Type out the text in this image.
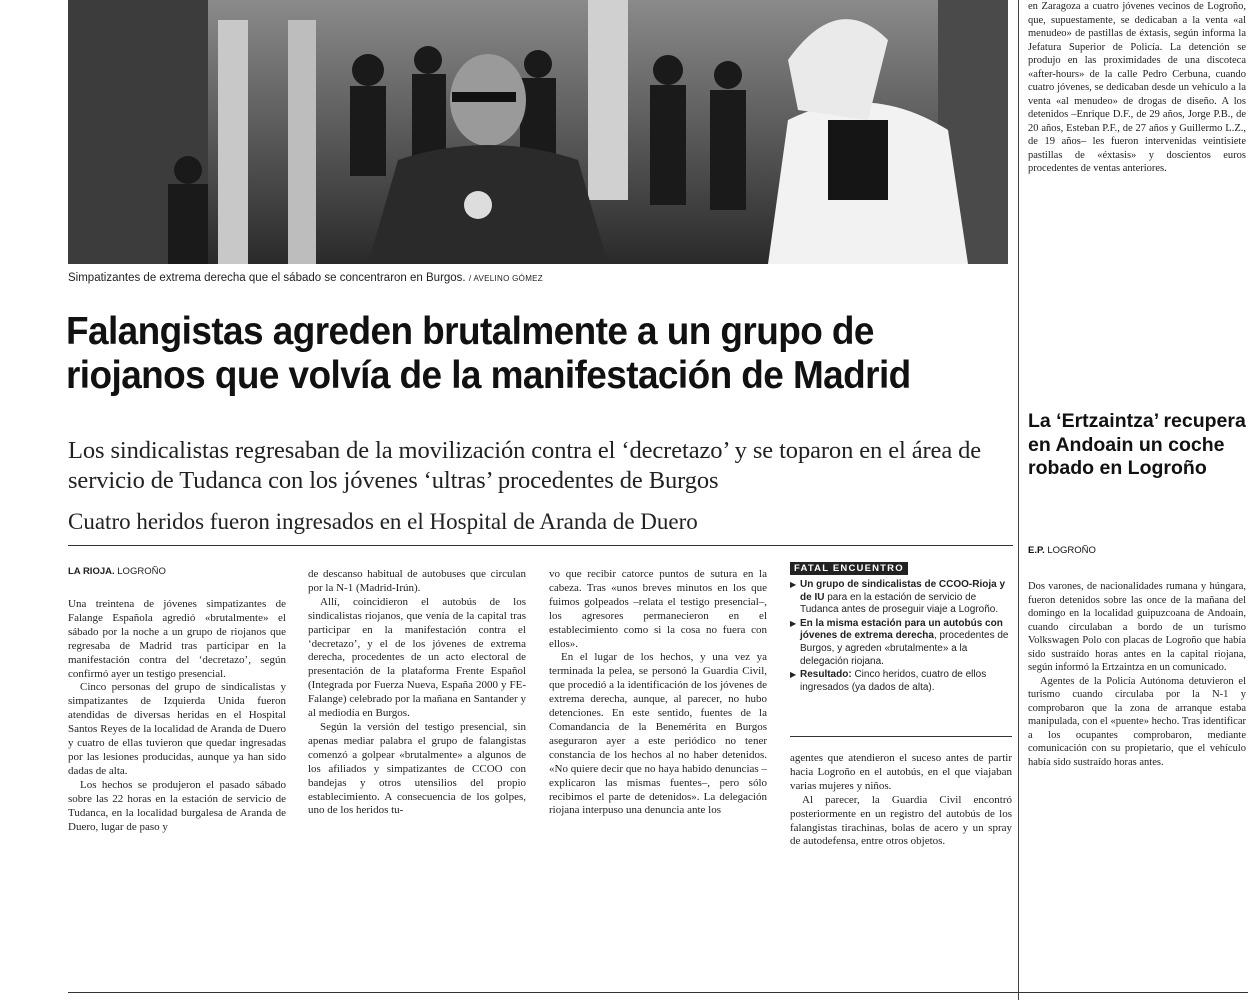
Simpatizantes de extrema derecha que el sábado se concentraron en Burgos. / AVELINO GÓMEZ
Falangistas agreden brutalmente a un grupo de riojanos que volvía de la manifestación de Madrid
Los sindicalistas regresaban de la movilización contra el ‘decretazo’ y se toparon en el área de servicio de Tudanca con los jóvenes ‘ultras’ procedentes de Burgos
Cuatro heridos fueron ingresados en el Hospital de Aranda de Duero
LA RIOJA. LOGROÑO

Una treintena de jóvenes simpatizantes de Falange Española agredió «brutalmente» el sábado por la noche a un grupo de riojanos que regresaba de Madrid tras participar en la manifestación contra del ‘decretazo’, según confirmó ayer un testigo presencial.

Cinco personas del grupo de sindicalistas y simpatizantes de Izquierda Unida fueron atendidas de diversas heridas en el Hospital Santos Reyes de la localidad de Aranda de Duero y cuatro de ellas tuvieron que quedar ingresadas por las lesiones producidas, aunque ya han sido dadas de alta.

Los hechos se produjeron el pasado sábado sobre las 22 horas en la estación de servicio de Tudanca, en la localidad burgalesa de Aranda de Duero, lugar de paso y

de descanso habitual de autobuses que circulan por la N-1 (Madrid-Irún).

Allí, coincidieron el autobús de los sindicalistas riojanos, que venía de la capital tras participar en la manifestación contra el ‘decretazo’, y el de los jóvenes de extrema derecha, procedentes de un acto electoral de presentación de la plataforma Frente Español (Integrada por Fuerza Nueva, España 2000 y FE-Falange) celebrado por la mañana en Santander y al mediodía en Burgos.

Según la versión del testigo presencial, sin apenas mediar palabra el grupo de falangistas comenzó a golpear «brutalmente» a algunos de los afiliados y simpatizantes de CCOO con bandejas y otros utensilios del propio establecimiento. A consecuencia de los golpes, uno de los heridos tu-

vo que recibir catorce puntos de sutura en la cabeza. Tras «unos breves minutos en los que fuimos golpeados –relata el testigo presencial–, los agresores permanecieron en el establecimiento como si la cosa no fuera con ellos».

En el lugar de los hechos, y una vez ya terminada la pelea, se personó la Guardia Civil, que procedió a la identificación de los jóvenes de extrema derecha, aunque, al parecer, no hubo detenciones. En este sentido, fuentes de la Comandancia de la Benemérita en Burgos aseguraron ayer a este periódico no tener constancia de los hechos al no haber detenidos. «No quiere decir que no haya habido denuncias –explicaron las mismas fuentes–, pero sólo recibimos el parte de detenidos». La delegación riojana interpuso una denuncia ante los

FATAL ENCUENTRO
▶ Un grupo de sindicalistas de CCOO-Rioja y de IU para en la estación de servicio de Tudanca antes de proseguir viaje a Logroño.
▶ En la misma estación para un autobús con jóvenes de extrema derecha, procedentes de Burgos, y agreden «brutalmente» a la delegación riojana.
▶ Resultado: Cinco heridos, cuatro de ellos ingresados (ya dados de alta).

agentes que atendieron el suceso antes de partir hacia Logroño en el autobús, en el que viajaban varias mujeres y niños.

Al parecer, la Guardia Civil encontró posteriormente en un registro del autobús de los falangistas tirachinas, bolas de acero y un spray de autodefensa, entre otros objetos.

en Zaragoza a cuatro jóvenes vecinos de Logroño, que, supuestamente, se dedicaban a la venta «al menudeo» de pastillas de éxtasis, según informa la Jefatura Superior de Policía. La detención se produjo en las proximidades de una discoteca «after-hours» de la calle Pedro Cerbuna, cuando cuatro jóvenes, se dedicaban desde un vehículo a la venta «al menudeo» de drogas de diseño. A los detenidos –Enrique D.F., de 29 años, Jorge P.B., de 20 años, Esteban P.F., de 27 años y Guillermo L.Z., de 19 años– les fueron intervenidas veintisiete pastillas de «éxtasis» y doscientos euros procedentes de ventas anteriores.
La ‘Ertzaintza’ recupera en Andoain un coche robado en Logroño
E.P. LOGROÑO

Dos varones, de nacionalidades rumana y húngara, fueron detenidos sobre las once de la mañana del domingo en la localidad guipuzcoana de Andoain, cuando circulaban a bordo de un turismo Volkswagen Polo con placas de Logroño que había sido sustraído horas antes en la capital riojana, según informó la Ertzaintza en un comunicado.

Agentes de la Policía Autónoma detuvieron el turismo cuando circulaba por la N-1 y comprobaron que la zona de arranque estaba manipulada, con el «puente» hecho. Tras identificar a los ocupantes comprobaron, mediante comunicación con su propietario, que el vehículo había sido sustraído horas antes.
